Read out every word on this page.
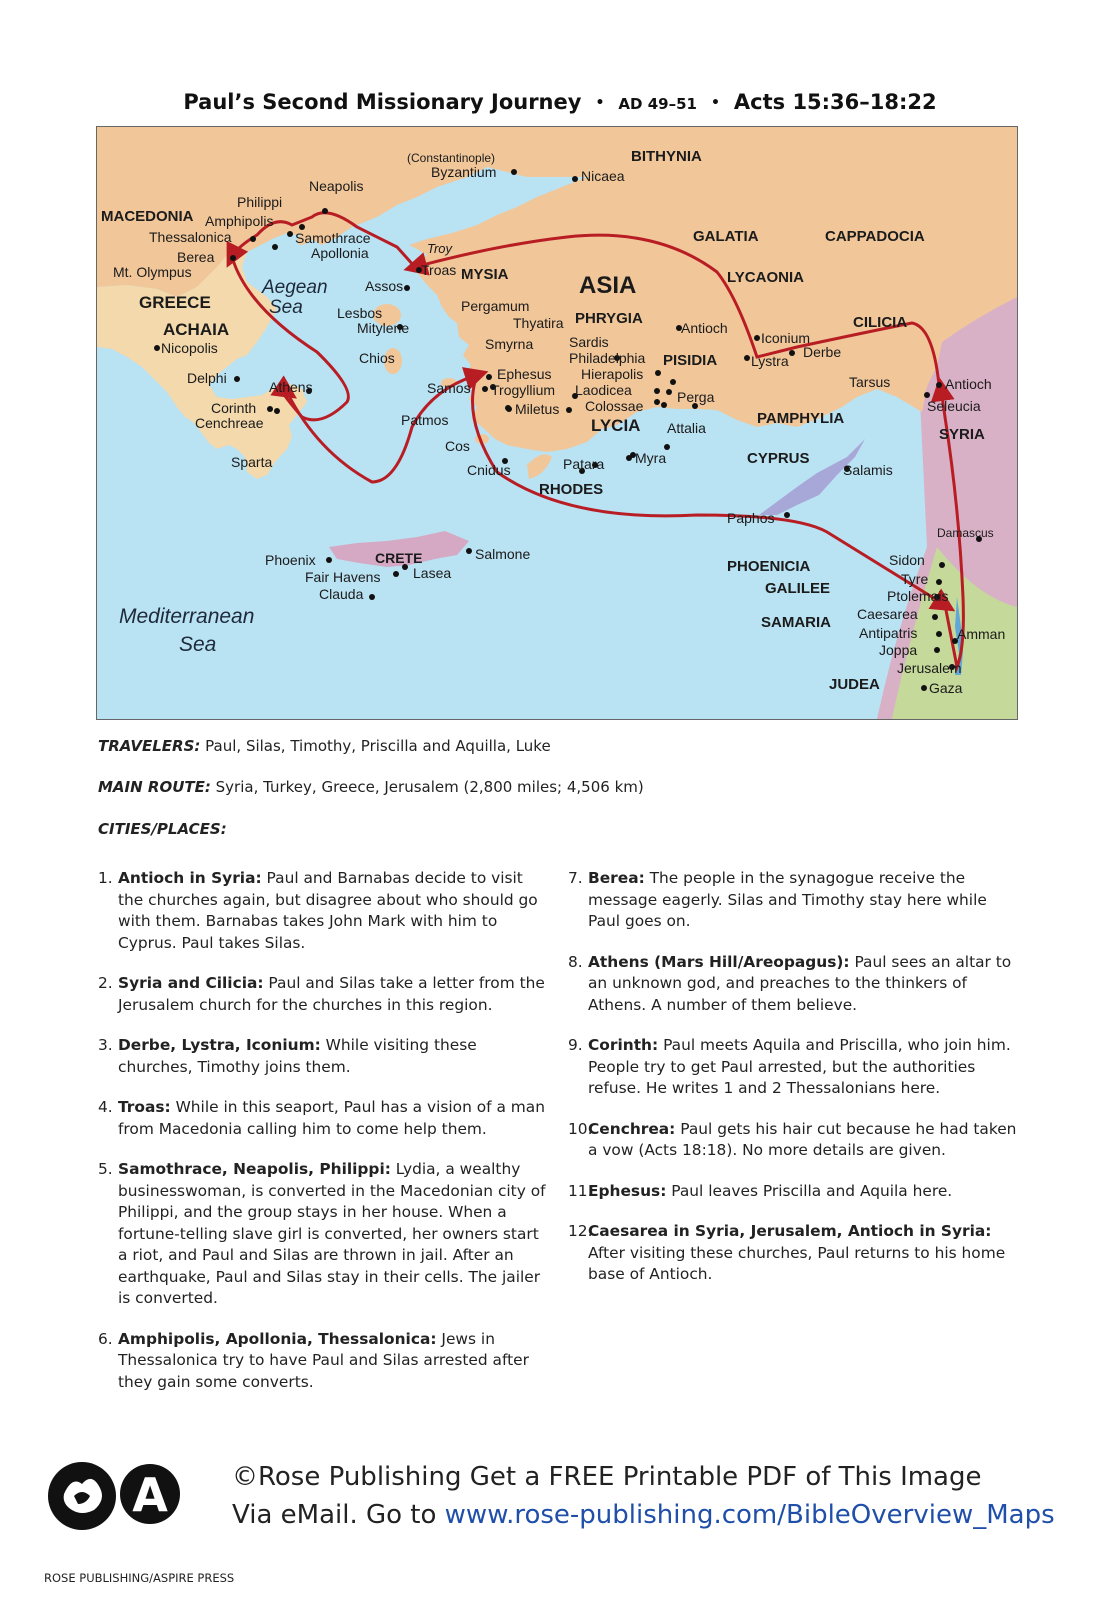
Paul’s Second Missionary Journey • AD 49–51 • Acts 15:36–18:22
BITHYNIA
MACEDONIA
GALATIA	CAPPADOCIA
MYSIA	ASIA	LYCAONIA
GREECE
ACHAIA
PHRYGIA	CILICIA
PISIDIA
PAMPHYLIA
SYRIA
LYCIA
CYPRUS
RHODES
CRETE	PHOENICIA
GALILEE
SAMARIA
JUDEA
Aegean
Sea
Mediterranean
Sea
(Constantinople)
Byzantium	Nicaea
Neapolis
Philippi
Amphipolis
Thessalonica	Samothrace
Apollonia
Berea
Mt. Olympus
Troy
Troas
Assos
Pergamum
Lesbos
Mitylene	Thyatira
Smyrna
Chios
Sardis
Philadelphia
Antioch
Iconium
Lystra
Derbe
Tarsus
Nicopolis
Delphi
Athens
Corinth
Cenchreae
Samos
Ephesus
Trogyllium
Hierapolis
Laodicea
Colossae
Miletus
Perga
Attalia
Patmos
Cos
Cnidus
Sparta	Patara Myra
Salamis
Paphos
Antioch
Seleucia
Damascus
Phoenix
Fair Havens Lasea
Clauda
Salmone	Sidon
Tyre
Ptolemais
Caesarea
Antipatris
Joppa
Amman
Jerusalem
Gaza
TRAVELERS: Paul, Silas, Timothy, Priscilla and Aquilla, Luke
MAIN ROUTE: Syria, Turkey, Greece, Jerusalem (2,800 miles; 4,506 km)
CITIES/PLACES:
1. Antioch in Syria: Paul and Barnabas decide to visit the churches again, but disagree about who should go with them. Barnabas takes John Mark with him to Cyprus. Paul takes Silas.
2. Syria and Cilicia: Paul and Silas take a letter from the Jerusalem church for the churches in this region.
3. Derbe, Lystra, Iconium: While visiting these churches, Timothy joins them.
4. Troas: While in this seaport, Paul has a vision of a man from Macedonia calling him to come help them.
5. Samothrace, Neapolis, Philippi: Lydia, a wealthy businesswoman, is converted in the Macedonian city of Philippi, and the group stays in her house. When a fortune-telling slave girl is converted, her owners start a riot, and Paul and Silas are thrown in jail. After an earthquake, Paul and Silas stay in their cells. The jailer is converted.
6. Amphipolis, Apollonia, Thessalonica: Jews in Thessalonica try to have Paul and Silas arrested after they gain some converts.
7. Berea: The people in the synagogue receive the message eagerly. Silas and Timothy stay here while Paul goes on.
8. Athens (Mars Hill/Areopagus): Paul sees an altar to an unknown god, and preaches to the thinkers of Athens. A number of them believe.
9. Corinth: Paul meets Aquila and Priscilla, who join him. People try to get Paul arrested, but the authorities refuse. He writes 1 and 2 Thessalonians here.
10.
Cenchrea: Paul gets his hair cut because he had taken a vow (Acts 18:18). No more details are given.
11.
Ephesus: Paul leaves Priscilla and Aquila here.
12.
Caesarea in Syria, Jerusalem, Antioch in Syria: After visiting these churches, Paul returns to his home base of Antioch.
A
ROSE PUBLISHING/ASPIRE PRESS
©Rose Publishing Get a FREE Printable PDF of This Image
Via eMail. Go to www.rose-publishing.com/BibleOverview_Maps
